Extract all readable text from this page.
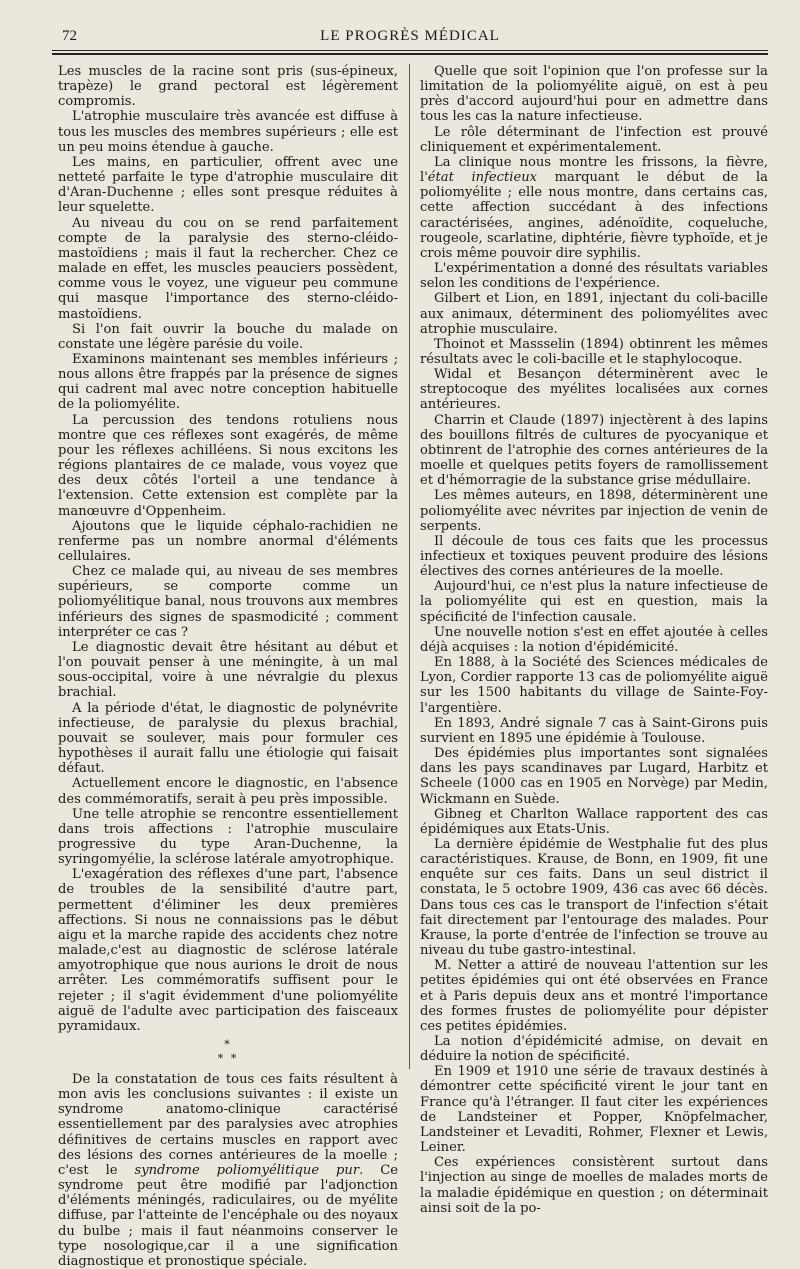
72	LE PROGRÈS MÉDICAL

Les muscles de la racine sont pris (sus-épineux, trapèze) le grand pectoral est légèrement compromis.

L'atrophie musculaire très avancée est diffuse à tous les muscles des membres supérieurs ; elle est un peu moins étendue à gauche.

Les mains, en particulier, offrent avec une netteté parfaite le type d'atrophie musculaire dit d'Aran-Duchenne ; elles sont presque réduites à leur squelette.

Au niveau du cou on se rend parfaitement compte de la paralysie des sterno-cléido-mastoïdiens ; mais il faut la rechercher. Chez ce malade en effet, les muscles peauciers possèdent, comme vous le voyez, une vigueur peu commune qui masque l'importance des sterno-cléido-mastoïdiens.

Si l'on fait ouvrir la bouche du malade on constate une légère parésie du voile.

Examinons maintenant ses membles inférieurs ; nous allons être frappés par la présence de signes qui cadrent mal avec notre conception habituelle de la poliomyélite.

La percussion des tendons rotuliens nous montre que ces réflexes sont exagérés, de même pour les réflexes achilléens. Si nous excitons les régions plantaires de ce malade, vous voyez que des deux côtés l'orteil a une tendance à l'extension. Cette extension est complète par la manœuvre d'Oppenheim.

Ajoutons que le liquide céphalo-rachidien ne renferme pas un nombre anormal d'éléments cellulaires.

Chez ce malade qui, au niveau de ses membres supérieurs, se comporte comme un poliomyélitique banal, nous trouvons aux membres inférieurs des signes de spasmodicité ; comment interpréter ce cas ?

Le diagnostic devait être hésitant au début et l'on pouvait penser à une méningite, à un mal sous-occipital, voire à une névralgie du plexus brachial.

A la période d'état, le diagnostic de polynévrite infectieuse, de paralysie du plexus brachial, pouvait se soulever, mais pour formuler ces hypothèses il aurait fallu une étiologie qui faisait défaut.

Actuellement encore le diagnostic, en l'absence des commémoratifs, serait à peu près impossible.

Une telle atrophie se rencontre essentiellement dans trois affections : l'atrophie musculaire progressive du type Aran-Duchenne, la syringomyélie, la sclérose latérale amyotrophique.

L'exagération des réflexes d'une part, l'absence de troubles de la sensibilité d'autre part, permettent d'éliminer les deux premières affections. Si nous ne connaissions pas le début aigu et la marche rapide des accidents chez notre malade,c'est au diagnostic de sclérose latérale amyotrophique que nous aurions le droit de nous arrêter. Les commémoratifs suffisent pour le rejeter ; il s'agit évidemment d'une poliomyélite aiguë de l'adulte avec participation des faisceaux pyramidaux.

*
* *

De la constatation de tous ces faits résultent à mon avis les conclusions suivantes : il existe un syndrome anatomo-clinique caractérisé essentiellement par des paralysies avec atrophies définitives de certains muscles en rapport avec des lésions des cornes antérieures de la moelle ; c'est le syndrome poliomyélitique pur. Ce syndrome peut être modifié par l'adjonction d'éléments méningés, radiculaires, ou de myélite diffuse, par l'atteinte de l'encéphale ou des noyaux du bulbe ; mais il faut néanmoins conserver le type nosologique,car il a une signification diagnostique et pronostique spéciale.

Quelle que soit l'opinion que l'on professe sur la limitation de la poliomyélite aiguë, on est à peu près d'accord aujourd'hui pour en admettre dans tous les cas la nature infectieuse.

Le rôle déterminant de l'infection est prouvé cliniquement et expérimentalement.

La clinique nous montre les frissons, la fièvre, l'état infectieux marquant le début de la poliomyélite ; elle nous montre, dans certains cas, cette affection succédant à des infections caractérisées, angines, adénoïdite, coqueluche, rougeole, scarlatine, diphtérie, fièvre typhoïde, et je crois même pouvoir dire syphilis.

L'expérimentation a donné des résultats variables selon les conditions de l'expérience.

Gilbert et Lion, en 1891, injectant du coli-bacille aux animaux, déterminent des poliomyélites avec atrophie musculaire.

Thoinot et Massselin (1894) obtinrent les mêmes résultats avec le coli-bacille et le staphylocoque.

Widal et Besançon déterminèrent avec le streptocoque des myélites localisées aux cornes antérieures.

Charrin et Claude (1897) injectèrent à des lapins des bouillons filtrés de cultures de pyocyanique et obtinrent de l'atrophie des cornes antérieures de la moelle et quelques petits foyers de ramollissement et d'hémorragie de la substance grise médullaire.

Les mêmes auteurs, en 1898, déterminèrent une poliomyélite avec névrites par injection de venin de serpents.

Il découle de tous ces faits que les processus infectieux et toxiques peuvent produire des lésions électives des cornes antérieures de la moelle.

Aujourd'hui, ce n'est plus la nature infectieuse de la poliomyélite qui est en question, mais la spécificité de l'infection causale.

Une nouvelle notion s'est en effet ajoutée à celles déjà acquises : la notion d'épidémicité.

En 1888, à la Société des Sciences médicales de Lyon, Cordier rapporte 13 cas de poliomyélite aiguë sur les 1500 habitants du village de Sainte-Foy-l'argentière.

En 1893, André signale 7 cas à Saint-Girons puis survient en 1895 une épidémie à Toulouse.

Des épidémies plus importantes sont signalées dans les pays scandinaves par Lugard, Harbitz et Scheele (1000 cas en 1905 en Norvège) par Medin, Wickmann en Suède.

Gibneg et Charlton Wallace rapportent des cas épidémiques aux Etats-Unis.

La dernière épidémie de Westphalie fut des plus caractéristiques. Krause, de Bonn, en 1909, fit une enquête sur ces faits. Dans un seul district il constata, le 5 octobre 1909, 436 cas avec 66 décès. Dans tous ces cas le transport de l'infection s'était fait directement par l'entourage des malades. Pour Krause, la porte d'entrée de l'infection se trouve au niveau du tube gastro-intestinal.

M. Netter a attiré de nouveau l'attention sur les petites épidémies qui ont été observées en France et à Paris depuis deux ans et montré l'importance des formes frustes de poliomyélite pour dépister ces petites épidémies.

La notion d'épidémicité admise, on devait en déduire la notion de spécificité.

En 1909 et 1910 une série de travaux destinés à démontrer cette spécificité virent le jour tant en France qu'à l'étranger. Il faut citer les expériences de Landsteiner et Popper, Knöpfelmacher, Landsteiner et Levaditi, Rohmer, Flexner et Lewis, Leiner.

Ces expériences consistèrent surtout dans l'injection au singe de moelles de malades morts de la maladie épidémique en question ; on déterminait ainsi soit de la po-
